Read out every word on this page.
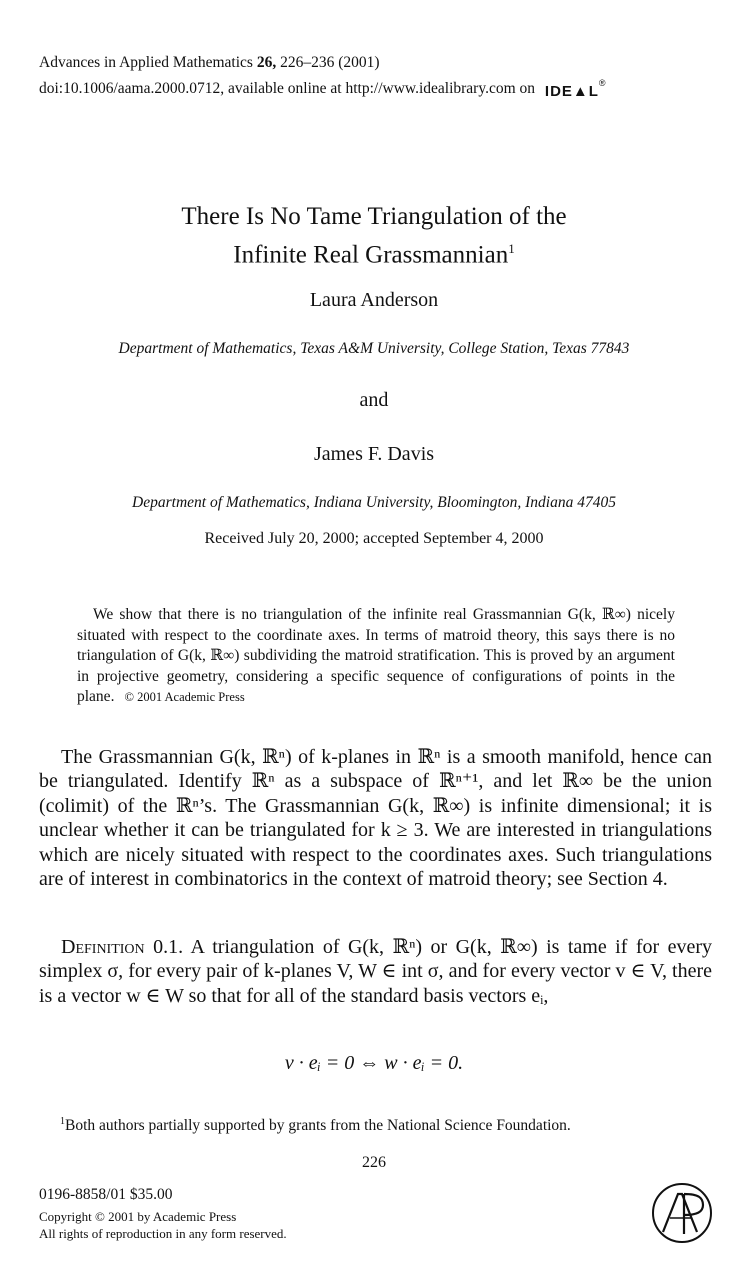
Advances in Applied Mathematics 26, 226–236 (2001)
doi:10.1006/aama.2000.0712, available online at http://www.idealibrary.com on IDE▲L®
There Is No Tame Triangulation of the
Infinite Real Grassmannian$^1$
Laura Anderson
Department of Mathematics, Texas A&M University, College Station, Texas 77843
and
James F. Davis
Department of Mathematics, Indiana University, Bloomington, Indiana 47405
Received July 20, 2000; accepted September 4, 2000
We show that there is no triangulation of the infinite real Grassmannian G(k, ℝ∞) nicely situated with respect to the coordinate axes. In terms of matroid theory, this says there is no triangulation of G(k, ℝ∞) subdividing the matroid stratification. This is proved by an argument in projective geometry, considering a specific sequence of configurations of points in the plane. © 2001 Academic Press
The Grassmannian G(k, ℝⁿ) of k-planes in ℝⁿ is a smooth manifold, hence can be triangulated. Identify ℝⁿ as a subspace of ℝⁿ⁺¹, and let ℝ∞ be the union (colimit) of the ℝⁿ’s. The Grassmannian G(k, ℝ∞) is infinite dimensional; it is unclear whether it can be triangulated for k ≥ 3. We are interested in triangulations which are nicely situated with respect to the coordinates axes. Such triangulations are of interest in combinatorics in the context of matroid theory; see Section 4.
Definition 0.1. A triangulation of G(k, ℝⁿ) or G(k, ℝ∞) is tame if for every simplex σ, for every pair of k-planes V, W ∈ int σ, and for every vector v ∈ V, there is a vector w ∈ W so that for all of the standard basis vectors eᵢ,
v · eᵢ = 0 ⇔ w · eᵢ = 0.
$^1$Both authors partially supported by grants from the National Science Foundation.
226
0196-8858/01 $35.00
Copyright © 2001 by Academic Press
All rights of reproduction in any form reserved.
